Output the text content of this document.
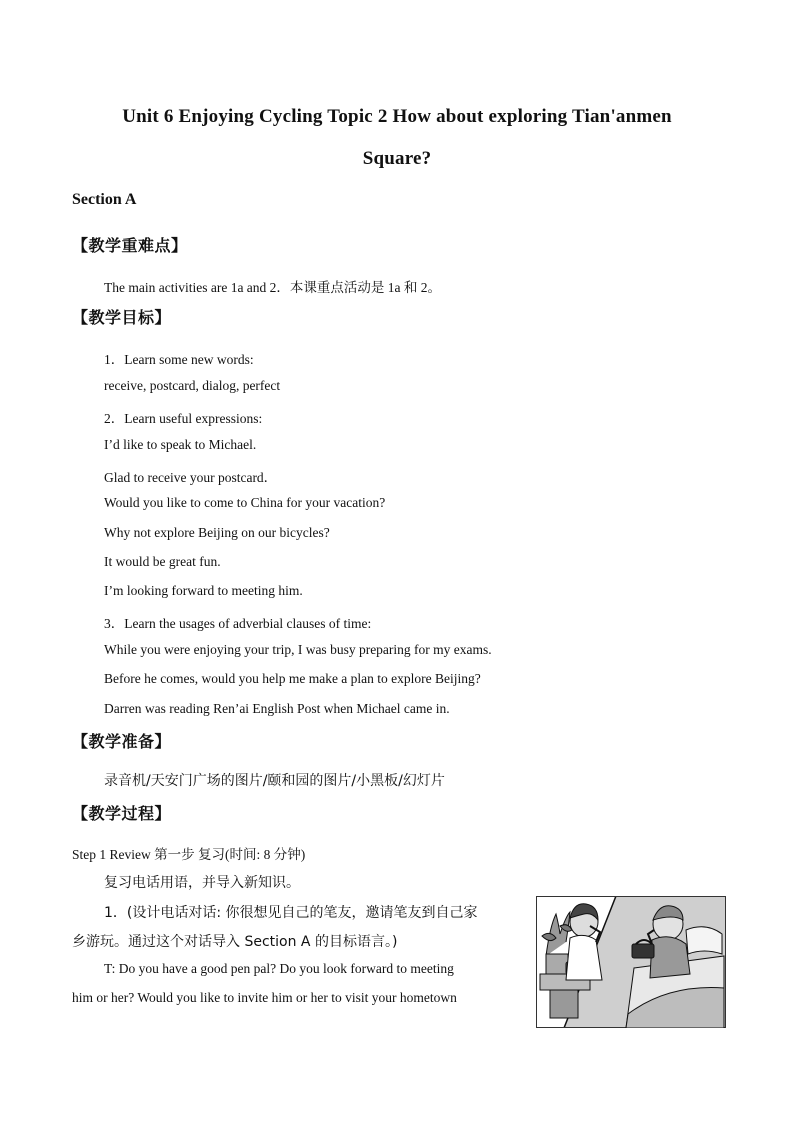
Unit 6 Enjoying Cycling Topic 2 How about exploring Tian'anmen
Square?
Section A
【教学重难点】
The main activities are 1a and 2．本课重点活动是 1a 和 2。
【教学目标】
1．Learn some new words:
receive, postcard, dialog, perfect
2．Learn useful expressions:
I’d like to speak to Michael.
Glad to receive your postcard．
Would you like to come to China for your vacation?
Why not explore Beijing on our bicycles?
It would be great fun.
I’m looking forward to meeting him.
3．Learn the usages of adverbial clauses of time:
While you were enjoying your trip, I was busy preparing for my exams.
Before he comes, would you help me make a plan to explore Beijing?
Darren was reading Ren’ai English Post when Michael came in.
【教学准备】
录音机/天安门广场的图片/颐和园的图片/小黑板/幻灯片
【教学过程】
Step 1 Review 第一步 复习(时间: 8 分钟)
复习电话用语，并导入新知识。
1．(设计电话对话: 你很想见自己的笔友，邀请笔友到自己家
乡游玩。通过这个对话导入 Section A 的目标语言。)
T: Do you have a good pen pal? Do you look forward to meeting
him or her? Would you like to invite him or her to visit your hometown
